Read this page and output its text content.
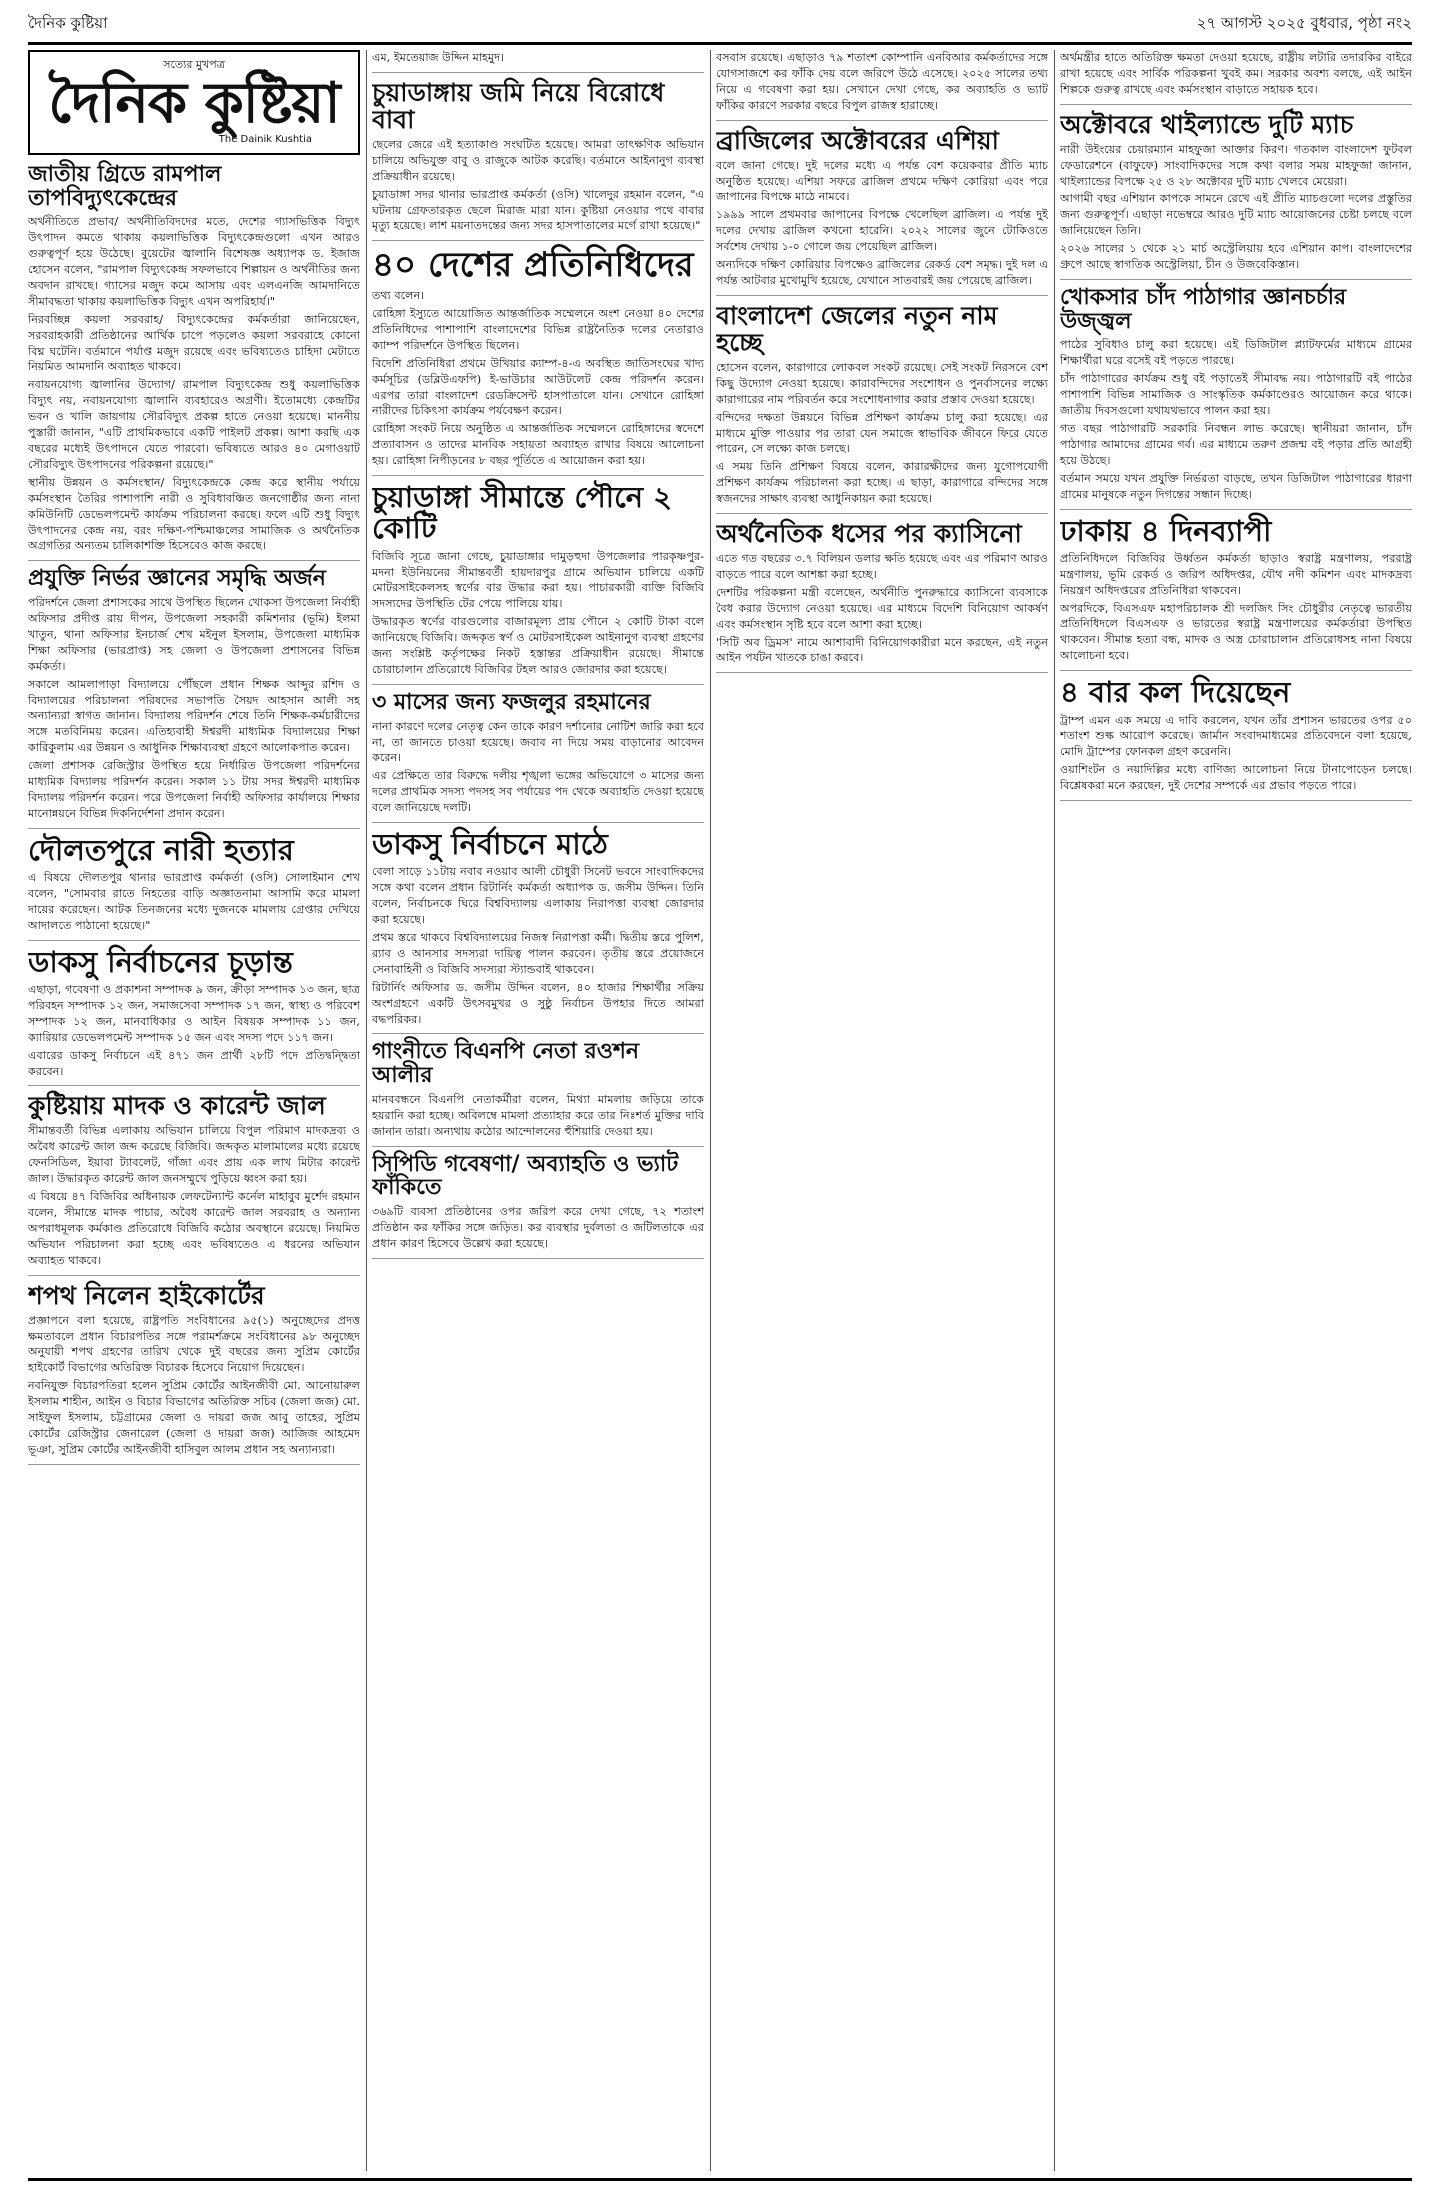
দৈনিক কুষ্টিয়া	২৭ আগস্ট ২০২৫ বুধবার, পৃষ্ঠা নং২
সত্যের মুখপত্র
দৈনিক কুষ্টিয়া
The Dainik Kushtia
জাতীয় গ্রিডে রামপাল তাপবিদ্যুৎকেন্দ্রের

অর্থনীতিতে প্রভাব/ অর্থনীতিবিদদের মতে, দেশের গ্যাসভিত্তিক বিদ্যুৎ উৎপাদন কমতে থাকায় কয়লাভিত্তিক বিদ্যুৎকেন্দ্রগুলো এখন আরও গুরুত্বপূর্ণ হয়ে উঠেছে। বুয়েটের জ্বালানি বিশেষজ্ঞ অধ্যাপক ড. ইজাজ হোসেন বলেন, "রামপাল বিদ্যুৎকেন্দ্র সফলভাবে শিল্পায়ন ও অর্থনীতির জন্য অবদান রাখছে। গ্যাসের মজুদ কমে আসায় এবং এলএনজি আমদানিতে সীমাবদ্ধতা থাকায় কয়লাভিত্তিক বিদ্যুৎ এখন অপরিহার্য।"

নিরবচ্ছিন্ন কয়লা সরবরাহ/ বিদ্যুৎকেন্দ্রের কর্মকর্তারা জানিয়েছেন, সরবরাহকারী প্রতিষ্ঠানের আর্থিক চাপে পড়লেও কয়লা সরবরাহে কোনো বিঘ্ন ঘটেনি। বর্তমানে পর্যাপ্ত মজুদ রয়েছে এবং ভবিষ্যতেও চাহিদা মেটাতে নিয়মিত আমদানি অব্যাহত থাকবে।

নবায়নযোগ্য জ্বালানির উদ্যোগ/ রামপাল বিদ্যুৎকেন্দ্র শুধু কয়লাভিত্তিক বিদ্যুৎ নয়, নবায়নযোগ্য জ্বালানি ব্যবহারেও অগ্রণী। ইতোমধ্যে কেন্দ্রটির ভবন ও খালি জায়গায় সৌরবিদ্যুৎ প্রকল্প হাতে নেওয়া হয়েছে। মাননীয় পুস্তারী জানান, "এটি প্রাথমিকভাবে একটি পাইলট প্রকল্প। আশা করছি এক বছরের মধ্যেই উৎপাদনে যেতে পারবো। ভবিষ্যতে আরও ৪০ মেগাওয়াট সৌরবিদ্যুৎ উৎপাদনের পরিকল্পনা রয়েছে।"

স্থানীয় উন্নয়ন ও কর্মসংস্থান/ বিদ্যুৎকেন্দ্রকে কেন্দ্র করে স্থানীয় পর্যায়ে কর্মসংস্থান তৈরির পাশাপাশি নারী ও সুবিধাবঞ্চিত জনগোষ্ঠীর জন্য নানা কমিউনিটি ডেভেলপমেন্ট কার্যক্রম পরিচালনা করছে। ফলে এটি শুধু বিদ্যুৎ উৎপাদনের কেন্দ্র নয়, বরং দক্ষিণ-পশ্চিমাঞ্চলের সামাজিক ও অর্থনৈতিক অগ্রগতির অন্যতম চালিকাশক্তি হিসেবেও কাজ করছে।

প্রযুক্তি নির্ভর জ্ঞানের সমৃদ্ধি অর্জন

পরিদর্শনে জেলা প্রশাসকের সাথে উপস্থিত ছিলেন খোকসা উপজেলা নির্বাহী অফিসার প্রদীপ্ত রায় দীপন, উপজেলা সহকারী কমিশনার (ভূমি) ইলমা খাতুন, থানা অফিসার ইনচার্জ শেখ মইনুল ইসলাম, উপজেলা মাধ্যমিক শিক্ষা অফিসার (ভারপ্রাপ্ত) সহ জেলা ও উপজেলা প্রশাসনের বিভিন্ন কর্মকর্তা।

সকালে আমলাপাড়া বিদ্যালয়ে পৌঁছলে প্রধান শিক্ষক আব্দুর রশিদ ও বিদ্যালয়ের পরিচালনা পরিষদের সভাপতি সৈয়দ আহসান আলী সহ অন্যান্যরা স্বাগত জানান। বিদ্যালয় পরিদর্শন শেষে তিনি শিক্ষক-কর্মচারীদের সঙ্গে মতবিনিময় করেন। এতিহ্যবাহী ঈশ্বরদী মাধ্যমিক বিদ্যালয়ের শিক্ষা কারিকুলাম এর উন্নয়ন ও আধুনিক শিক্ষাব্যবস্থা গ্রহণে আলোকপাত করেন।

জেলা প্রশাসক রেজিস্ট্রার উপস্থিত হয়ে নির্ধারিত উপজেলা পরিদর্শনের মাধ্যমিক বিদ্যালয় পরিদর্শন করেন। সকাল ১১ টায় সদর ঈশ্বরদী মাধ্যমিক বিদ্যালয় পরিদর্শন করেন। পরে উপজেলা নির্বাহী অফিসার কার্যালয়ে শিক্ষার মানোন্নয়নে বিভিন্ন দিকনির্দেশনা প্রদান করেন।

দৌলতপুরে নারী হত্যার

এ বিষয়ে দৌলতপুর থানার ভারপ্রাপ্ত কর্মকর্তা (ওসি) সোলাইমান শেখ বলেন, "সোমবার রাতে নিহতের বাড়ি অজ্ঞাতনামা আসামি করে মামলা দায়ের করেছেন। আটক তিনজনের মধ্যে দুজনকে মামলায় গ্রেপ্তার দেখিয়ে আদালতে পাঠানো হয়েছে।"

ডাকসু নির্বাচনের চূড়ান্ত

এছাড়া, গবেষণা ও প্রকাশনা সম্পাদক ৯ জন, ক্রীড়া সম্পাদক ১৩ জন, ছাত্র পরিবহন সম্পাদক ১২ জন, সমাজসেবা সম্পাদক ১৭ জন, স্বাস্থ্য ও পরিবেশ সম্পাদক ১২ জন, মানবাধিকার ও আইন বিষয়ক সম্পাদক ১১ জন, ক্যারিয়ার ডেভেলপমেন্ট সম্পাদক ১৫ জন এবং সদস্য পদে ১১৭ জন।

এবারের ডাকসু নির্বাচনে এই ৪৭১ জন প্রার্থী ২৮টি পদে প্রতিদ্বন্দ্বিতা করবেন।

কুষ্টিয়ায় মাদক ও কারেন্ট জাল

সীমান্তবর্তী বিভিন্ন এলাকায় অভিযান চালিয়ে বিপুল পরিমাণ মাদকদ্রব্য ও অবৈধ কারেন্ট জাল জব্দ করেছে বিজিবি। জব্দকৃত মালামালের মধ্যে রয়েছে ফেনসিডিল, ইয়াবা ট্যাবলেট, গাঁজা এবং প্রায় এক লাখ মিটার কারেন্ট জাল। উদ্ধারকৃত কারেন্ট জাল জনসম্মুখে পুড়িয়ে ধ্বংস করা হয়।

এ বিষয়ে ৪৭ বিজিবির অধিনায়ক লেফটেন্যান্ট কর্নেল মাহাবুব মুর্শেদ রহমান বলেন, সীমান্তে মাদক পাচার, অবৈধ কারেন্ট জাল সরবরাহ ও অন্যান্য অপরাধমূলক কর্মকাণ্ড প্রতিরোধে বিজিবি কঠোর অবস্থানে রয়েছে। নিয়মিত অভিযান পরিচালনা করা হচ্ছে এবং ভবিষ্যতেও এ ধরনের অভিযান অব্যাহত থাকবে।

শপথ নিলেন হাইকোর্টের

প্রজ্ঞাপনে বলা হয়েছে, রাষ্ট্রপতি সংবিধানের ৯৫(১) অনুচ্ছেদের প্রদত্ত ক্ষমতাবলে প্রধান বিচারপতির সঙ্গে পরামর্শক্রমে সংবিধানের ৯৮ অনুচ্ছেদ অনুযায়ী শপথ গ্রহণের তারিখ থেকে দুই বছরের জন্য সুপ্রিম কোর্টের হাইকোর্ট বিভাগের অতিরিক্ত বিচারক হিসেবে নিয়োগ দিয়েছেন।

নবনিযুক্ত বিচারপতিরা হলেন সুপ্রিম কোর্টের আইনজীবী মো. আনোয়ারুল ইসলাম শাহীন, আইন ও বিচার বিভাগের অতিরিক্ত সচিব (জেলা জজ) মো. সাইফুল ইসলাম, চট্টগ্রামের জেলা ও দায়রা জজ আবু তাহের, সুপ্রিম কোর্টের রেজিস্ট্রার জেনারেল (জেলা ও দায়রা জজ) আজিজ আহমেদ ভূঞা, সুপ্রিম কোর্টের আইনজীবী হাসিবুল আলম প্রধান সহ অন্যান্যরা।

এম, ইমতেয়াজ উদ্দিন মাহমুদ।

চুয়াডাঙ্গায় জমি নিয়ে বিরোধে বাবা

ছেলের জেরে এই হত্যাকাণ্ড সংঘটিত হয়েছে। আমরা তাৎক্ষণিক অভিযান চালিয়ে অভিযুক্ত বাবু ও রাজুকে আটক করেছি। বর্তমানে আইনানুগ ব্যবস্থা প্রক্রিয়াধীন রয়েছে।

চুয়াডাঙ্গা সদর থানার ভারপ্রাপ্ত কর্মকর্তা (ওসি) খালেদুর রহমান বলেন, "এ ঘটনায় গ্রেফতারকৃত ছেলে মিরাজ মারা যান। কুষ্টিয়া নেওয়ার পথে বাবার মৃত্যু হয়েছে। লাশ ময়নাতদন্তের জন্য সদর হাসপাতালের মর্গে রাখা হয়েছে।"

৪০ দেশের প্রতিনিধিদের

তথ্য বলেন।

রোহিঙ্গা ইস্যুতে আয়োজিত আন্তর্জাতিক সম্মেলনে অংশ নেওয়া ৪০ দেশের প্রতিনিধিদের পাশাপাশি বাংলাদেশের বিভিন্ন রাষ্ট্রনৈতিক দলের নেতারাও ক্যাম্প পরিদর্শনে উপস্থিত ছিলেন।

বিদেশি প্রতিনিধিরা প্রথমে উখিয়ার ক্যাম্প-৪-এ অবস্থিত জাতিসংঘের খাদ্য কর্মসূচির (ডব্লিউএফপি) ই-ভাউচার আউটলেট কেন্দ্র পরিদর্শন করেন। এরপর তারা বাংলাদেশ রেডক্রিসেন্ট হাসপাতালে যান। সেখানে রোহিঙ্গা নারীদের চিকিৎসা কার্যক্রম পর্যবেক্ষণ করেন।

রোহিঙ্গা সংকট নিয়ে অনুষ্ঠিত এ আন্তর্জাতিক সম্মেলনে রোহিঙ্গাদের স্বদেশে প্রত্যাবাসন ও তাদের মানবিক সহায়তা অব্যাহত রাখার বিষয়ে আলোচনা হয়। রোহিঙ্গা নিপীড়নের ৮ বছর পূর্তিতে এ আয়োজন করা হয়।

চুয়াডাঙ্গা সীমান্তে পৌনে ২ কোটি

বিজিবি সূত্রে জানা গেছে, চুয়াডাঙ্গার দামুড়হুদা উপজেলার পারকৃষ্ণপুর-মদনা ইউনিয়নের সীমান্তবর্তী হায়দারপুর গ্রামে অভিযান চালিয়ে একটি মোটরসাইকেলসহ স্বর্ণের বার উদ্ধার করা হয়। পাচারকারী ব্যক্তি বিজিবি সদস্যদের উপস্থিতি টের পেয়ে পালিয়ে যায়।

উদ্ধারকৃত স্বর্ণের বারগুলোর বাজারমূল্য প্রায় পৌনে ২ কোটি টাকা বলে জানিয়েছে বিজিবি। জব্দকৃত স্বর্ণ ও মোটরসাইকেল আইনানুগ ব্যবস্থা গ্রহণের জন্য সংশ্লিষ্ট কর্তৃপক্ষের নিকট হস্তান্তর প্রক্রিয়াধীন রয়েছে। সীমান্তে চোরাচালান প্রতিরোধে বিজিবির টহল আরও জোরদার করা হয়েছে।

৩ মাসের জন্য ফজলুর রহমানের

নানা কারণে দলের নেতৃত্ব কেন তাকে কারণ দর্শানোর নোটিশ জারি করা হবে না, তা জানতে চাওয়া হয়েছে। জবাব না দিয়ে সময় বাড়ানোর আবেদন করেন।

এর প্রেক্ষিতে তার বিরুদ্ধে দলীয় শৃঙ্খলা ভঙ্গের অভিযোগে ৩ মাসের জন্য দলের প্রাথমিক সদস্য পদসহ সব পর্যায়ের পদ থেকে অব্যাহতি দেওয়া হয়েছে বলে জানিয়েছে দলটি।

ডাকসু নির্বাচনে মাঠে

বেলা সাড়ে ১১টায় নবাব নওয়াব আলী চৌধুরী সিনেট ভবনে সাংবাদিকদের সঙ্গে কথা বলেন প্রধান রিটার্নিং কর্মকর্তা অধ্যাপক ড. জসীম উদ্দিন। তিনি বলেন, নির্বাচনকে ঘিরে বিশ্ববিদ্যালয় এলাকায় নিরাপত্তা ব্যবস্থা জোরদার করা হয়েছে।

প্রথম স্তরে থাকবে বিশ্ববিদ্যালয়ের নিজস্ব নিরাপত্তা কর্মী। দ্বিতীয় স্তরে পুলিশ, র‍্যাব ও আনসার সদস্যরা দায়িত্ব পালন করবেন। তৃতীয় স্তরে প্রয়োজনে সেনাবাহিনী ও বিজিবি সদস্যরা স্ট্যান্ডবাই থাকবেন।

রিটার্নিং অফিসার ড. জসীম উদ্দিন বলেন, ৪০ হাজার শিক্ষার্থীর সক্রিয় অংশগ্রহণে একটি উৎসবমুখর ও সুষ্ঠু নির্বাচন উপহার দিতে আমরা বদ্ধপরিকর।

গাংনীতে বিএনপি নেতা রওশন আলীর

মানববন্ধনে বিএনপি নেতাকর্মীরা বলেন, মিথ্যা মামলায় জড়িয়ে তাকে হয়রানি করা হচ্ছে। অবিলম্বে মামলা প্রত্যাহার করে তার নিঃশর্ত মুক্তির দাবি জানান তারা। অন্যথায় কঠোর আন্দোলনের হুঁশিয়ারি দেওয়া হয়।

সিপিডি গবেষণা/ অব্যাহতি ও ভ্যাট ফাঁকিতে

৩৬৯টি ব্যবসা প্রতিষ্ঠানের ওপর জরিপ করে দেখা গেছে, ৭২ শতাংশ প্রতিষ্ঠান কর ফাঁকির সঙ্গে জড়িত। কর ব্যবস্থার দুর্বলতা ও জটিলতাকে এর প্রধান কারণ হিসেবে উল্লেখ করা হয়েছে।

বসবাস রয়েছে। এছাড়াও ৭৯ শতাংশ কোম্পানি এনবিআর কর্মকর্তাদের সঙ্গে যোগসাজশে কর ফাঁকি দেয় বলে জরিপে উঠে এসেছে। ২০২৫ সালের তথ্য নিয়ে এ গবেষণা করা হয়। সেখানে দেখা গেছে, কর অব্যাহতি ও ভ্যাট ফাঁকির কারণে সরকার বছরে বিপুল রাজস্ব হারাচ্ছে।

ব্রাজিলের অক্টোবরের এশিয়া

বলে জানা গেছে। দুই দলের মধ্যে এ পর্যন্ত বেশ কয়েকবার প্রীতি ম্যাচ অনুষ্ঠিত হয়েছে। এশিয়া সফরে ব্রাজিল প্রথমে দক্ষিণ কোরিয়া এবং পরে জাপানের বিপক্ষে মাঠে নামবে।

১৯৯৯ সালে প্রথমবার জাপানের বিপক্ষে খেলেছিল ব্রাজিল। এ পর্যন্ত দুই দলের দেখায় ব্রাজিল কখনো হারেনি। ২০২২ সালের জুনে টোকিওতে সর্বশেষ দেখায় ১-০ গোলে জয় পেয়েছিল ব্রাজিল।

অন্যদিকে দক্ষিণ কোরিয়ার বিপক্ষেও ব্রাজিলের রেকর্ড বেশ সমৃদ্ধ। দুই দল এ পর্যন্ত আটবার মুখোমুখি হয়েছে, যেখানে সাতবারই জয় পেয়েছে ব্রাজিল।

বাংলাদেশ জেলের নতুন নাম হচ্ছে

হোসেন বলেন, কারাগারে লোকবল সংকট রয়েছে। সেই সংকট নিরসনে বেশ কিছু উদ্যোগ নেওয়া হয়েছে। কারাবন্দিদের সংশোধন ও পুনর্বাসনের লক্ষ্যে কারাগারের নাম পরিবর্তন করে সংশোধনাগার করার প্রস্তাব দেওয়া হয়েছে।

বন্দিদের দক্ষতা উন্নয়নে বিভিন্ন প্রশিক্ষণ কার্যক্রম চালু করা হয়েছে। এর মাধ্যমে মুক্তি পাওয়ার পর তারা যেন সমাজে স্বাভাবিক জীবনে ফিরে যেতে পারেন, সে লক্ষ্যে কাজ চলছে।

এ সময় তিনি প্রশিক্ষণ বিষয়ে বলেন, কারারক্ষীদের জন্য যুগোপযোগী প্রশিক্ষণ কার্যক্রম পরিচালনা করা হচ্ছে। এ ছাড়া, কারাগারে বন্দিদের সঙ্গে স্বজনদের সাক্ষাৎ ব্যবস্থা আধুনিকায়ন করা হয়েছে।

অর্থনৈতিক ধসের পর ক্যাসিনো

এতে গত বছরের ৩.৭ বিলিয়ন ডলার ক্ষতি হয়েছে এবং এর পরিমাণ আরও বাড়তে পারে বলে আশঙ্কা করা হচ্ছে।

দেশটির পরিকল্পনা মন্ত্রী বলেছেন, অর্থনীতি পুনরুদ্ধারে ক্যাসিনো ব্যবসাকে বৈধ করার উদ্যোগ নেওয়া হয়েছে। এর মাধ্যমে বিদেশি বিনিয়োগ আকর্ষণ এবং কর্মসংস্থান সৃষ্টি হবে বলে আশা করা হচ্ছে।

'সিটি অব ড্রিমস' নামে আশাবাদী বিনিয়োগকারীরা মনে করছেন, এই নতুন আইন পর্যটন খাতকে চাঙা করবে।

অর্থমন্ত্রীর হাতে অতিরিক্ত ক্ষমতা দেওয়া হয়েছে, রাষ্ট্রীয় লটারি তদারকির বাইরে রাখা হয়েছে এবং সার্বিক পরিকল্পনা খুবই কম। সরকার অবশ্য বলছে, এই আইন শিল্পকে গুরুত্ব রাখছে এবং কর্মসংস্থান বাড়াতে সহায়ক হবে।

অক্টোবরে থাইল্যান্ডে দুটি ম্যাচ

নারী উইংয়ের চেয়ারম্যান মাহফুজা আক্তার কিরণ। গতকাল বাংলাদেশ ফুটবল ফেডারেশনে (বাফুফে) সাংবাদিকদের সঙ্গে কথা বলার সময় মাহফুজা জানান, থাইল্যান্ডের বিপক্ষে ২৫ ও ২৮ অক্টোবর দুটি ম্যাচ খেলবে মেয়েরা।

আগামী বছর এশিয়ান কাপকে সামনে রেখে এই প্রীতি ম্যাচগুলো দলের প্রস্তুতির জন্য গুরুত্বপূর্ণ। এছাড়া নভেম্বরে আরও দুটি ম্যাচ আয়োজনের চেষ্টা চলছে বলে জানিয়েছেন তিনি।

২০২৬ সালের ১ থেকে ২১ মার্চ অস্ট্রেলিয়ায় হবে এশিয়ান কাপ। বাংলাদেশের গ্রুপে আছে স্বাগতিক অস্ট্রেলিয়া, চীন ও উজবেকিস্তান।

খোকসার চাঁদ পাঠাগার জ্ঞানচর্চার উজ্জ্বল

পাঠের সুবিধাও চালু করা হয়েছে। এই ডিজিটাল প্ল্যাটফর্মের মাধ্যমে গ্রামের শিক্ষার্থীরা ঘরে বসেই বই পড়তে পারছে।

চাঁদ পাঠাগারের কার্যক্রম শুধু বই পড়াতেই সীমাবদ্ধ নয়। পাঠাগারটি বই পাঠের পাশাপাশি বিভিন্ন সামাজিক ও সাংস্কৃতিক কর্মকাণ্ডেরও আয়োজন করে থাকে। জাতীয় দিবসগুলো যথাযথভাবে পালন করা হয়।

গত বছর পাঠাগারটি সরকারি নিবন্ধন লাভ করেছে। স্থানীয়রা জানান, চাঁদ পাঠাগার আমাদের গ্রামের গর্ব। এর মাধ্যমে তরুণ প্রজন্ম বই পড়ার প্রতি আগ্রহী হয়ে উঠছে।

বর্তমান সময়ে যখন প্রযুক্তি নির্ভরতা বাড়ছে, তখন ডিজিটাল পাঠাগারের ধারণা গ্রামের মানুষকে নতুন দিগন্তের সন্ধান দিচ্ছে।

ঢাকায় ৪ দিনব্যাপী

প্রতিনিধিদলে বিজিবির উর্ধ্বতন কর্মকর্তা ছাড়াও স্বরাষ্ট্র মন্ত্রণালয়, পররাষ্ট্র মন্ত্রণালয়, ভূমি রেকর্ড ও জরিপ অধিদপ্তর, যৌথ নদী কমিশন এবং মাদকদ্রব্য নিয়ন্ত্রণ অধিদপ্তরের প্রতিনিধিরা থাকবেন।

অপরদিকে, বিএসএফ মহাপরিচালক শ্রী দলজিৎ সিং চৌধুরীর নেতৃত্বে ভারতীয় প্রতিনিধিদলে বিএসএফ ও ভারতের স্বরাষ্ট্র মন্ত্রণালয়ের কর্মকর্তারা উপস্থিত থাকবেন। সীমান্ত হত্যা বন্ধ, মাদক ও অস্ত্র চোরাচালান প্রতিরোধসহ নানা বিষয়ে আলোচনা হবে।

৪ বার কল দিয়েছেন

ট্রাম্প এমন এক সময়ে এ দাবি করলেন, যখন তাঁর প্রশাসন ভারতের ওপর ৫০ শতাংশ শুল্ক আরোপ করেছে। জার্মান সংবাদমাধ্যমের প্রতিবেদনে বলা হয়েছে, মোদি ট্রাম্পের ফোনকল গ্রহণ করেননি।

ওয়াশিংটন ও নয়াদিল্লির মধ্যে বাণিজ্য আলোচনা নিয়ে টানাপোড়েন চলছে। বিশ্লেষকরা মনে করছেন, দুই দেশের সম্পর্কে এর প্রভাব পড়তে পারে।
